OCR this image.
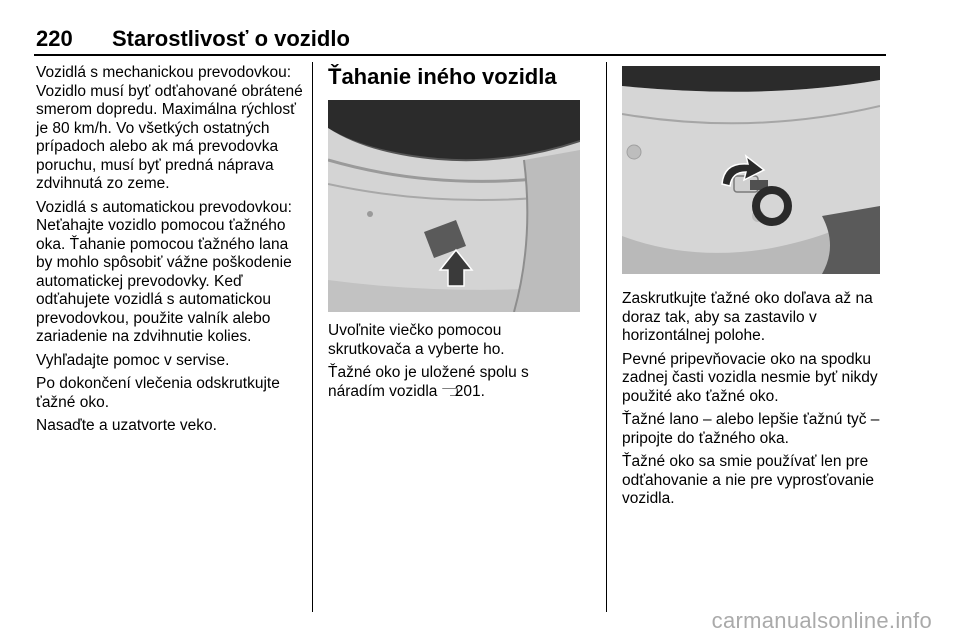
220 Starostlivosť o vozidlo

Vozidlá s mechanickou prevodovkou: Vozidlo musí byť odťahované obrátené smerom dopredu. Maximálna rýchlosť je 80 km/h. Vo všetkých ostatných prípadoch alebo ak má prevodovka poruchu, musí byť predná náprava zdvihnutá zo zeme.

Vozidlá s automatickou prevodovkou: Neťahajte vozidlo pomocou ťažného oka. Ťahanie pomocou ťažného lana by mohlo spôsobiť vážne poškodenie automatickej prevodovky. Keď odťahujete vozidlá s automatickou prevodovkou, použite valník alebo zariadenie na zdvihnutie kolies.

Vyhľadajte pomoc v servise.

Po dokončení vlečenia odskrutkujte ťažné oko.

Nasaďte a uzatvorte veko.

Ťahanie iného vozidla

Uvoľnite viečko pomocou skrutkovača a vyberte ho.

Ťažné oko je uložené spolu s náradím vozidla ⫎201.

Zaskrutkujte ťažné oko doľava až na doraz tak, aby sa zastavilo v horizontálnej polohe.

Pevné pripevňovacie oko na spodku zadnej časti vozidla nesmie byť nikdy použité ako ťažné oko.

Ťažné lano – alebo lepšie ťažnú tyč – pripojte do ťažného oka.

Ťažné oko sa smie používať len pre odťahovanie a nie pre vyprosťovanie vozidla.

carmanualsonline.info
